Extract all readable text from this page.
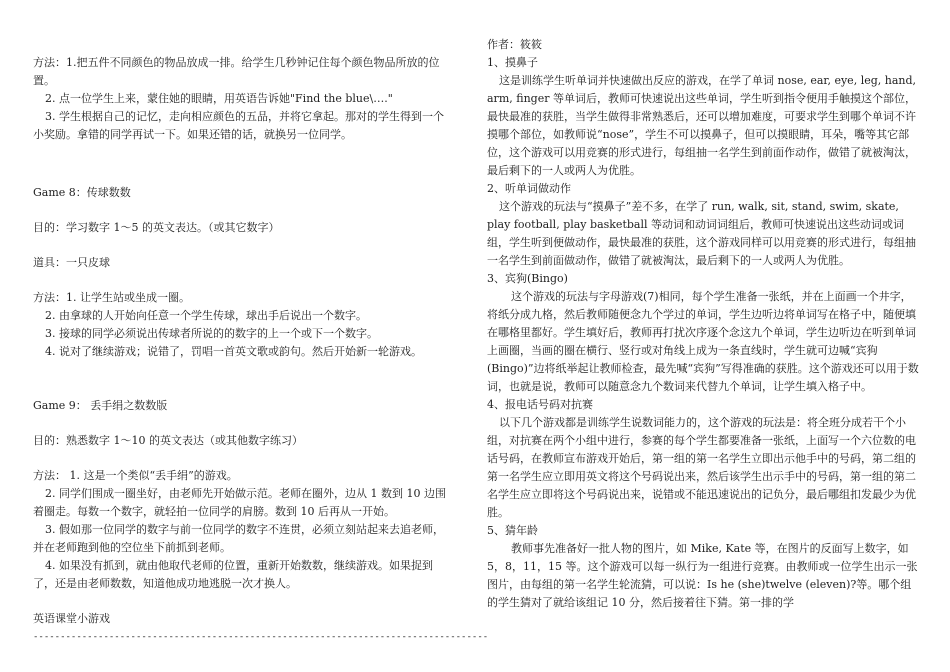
方法：1.把五件不同颜色的物品放成一排。给学生几秒钟记住每个颜色物品所放的位置。

2. 点一位学生上来，蒙住她的眼睛，用英语告诉她"Find the blue\…."

3. 学生根据自己的记忆，走向相应颜色的五品，并将它拿起。那对的学生得到一个小奖励。拿错的同学再试一下。如果还错的话，就换另一位同学。

Game 8：传球数数

目的：学习数字 1～5 的英文表达。（或其它数字）

道具：一只皮球

方法：1. 让学生站或坐成一圈。

2. 由拿球的人开始向任意一个学生传球，球出手后说出一个数字。

3. 接球的同学必须说出传球者所说的的数字的上一个或下一个数字。

4. 说对了继续游戏；说错了，罚唱一首英文歌或韵句。然后开始新一轮游戏。

Game 9： 丢手绢之数数版

目的：熟悉数字 1～10 的英文表达（或其他数字练习）

方法： 1. 这是一个类似“丢手绢”的游戏。

2. 同学们围成一圈坐好，由老师先开始做示范。老师在圈外，边从 1 数到 10 边围着圈走。每数一个数字，就轻拍一位同学的肩膀。数到 10 后再从一开始。

3. 假如那一位同学的数字与前一位同学的数字不连贯，必须立刻站起来去追老师，并在老师跑到他的空位坐下前抓到老师。

4. 如果没有抓到，就由他取代老师的位置，重新开始数数，继续游戏。如果捉到了，还是由老师数数，知道他成功地逃脱一次才换人。

英语课堂小游戏

------------------------------------------------------------------------------------

作者：筱筱

1、摸鼻子

这是训练学生听单词并快速做出反应的游戏，在学了单词 nose, ear, eye, leg, hand, arm, finger 等单词后，教师可快速说出这些单词，学生听到指令便用手触摸这个部位，最快最准的获胜，当学生做得非常熟悉后，还可以增加难度，可要求学生到哪个单词不许摸哪个部位，如教师说“nose”，学生不可以摸鼻子，但可以摸眼睛，耳朵，嘴等其它部位，这个游戏可以用竞赛的形式进行，每组抽一名学生到前面作动作，做错了就被淘汰，最后剩下的一人或两人为优胜。

2、听单词做动作

这个游戏的玩法与“摸鼻子”差不多，在学了 run, walk, sit, stand, swim, skate, play football, play basketball 等动词和动词词组后，教师可快速说出这些动词或词组，学生听到便做动作，最快最准的获胜，这个游戏同样可以用竞赛的形式进行，每组抽一名学生到前面做动作，做错了就被淘汰，最后剩下的一人或两人为优胜。

3、宾狗(Bingo)

这个游戏的玩法与字母游戏(7)相同，每个学生准备一张纸，并在上面画一个井字，将纸分成九格，然后教师随便念九个学过的单词，学生边听边将单词写在格子中，随便填在哪格里都好。学生填好后，教师再打扰次序逐个念这九个单词，学生边听边在听到单词上画圈，当画的圈在横行、竖行或对角线上成为一条直线时，学生就可边喊“宾狗(Bingo)”边将纸举起让教师检查，最先喊“宾狗”写得准确的获胜。这个游戏还可以用于数词，也就是说，教师可以随意念九个数词来代替九个单词，让学生填入格子中。

4、报电话号码对抗赛

以下几个游戏都是训练学生说数词能力的，这个游戏的玩法是：将全班分成若干个小组，对抗赛在两个小组中进行，参赛的每个学生都要准备一张纸，上面写一个六位数的电话号码，在教师宣布游戏开始后，第一组的第一名学生立即出示他手中的号码，第二组的第一名学生应立即用英文将这个号码说出来，然后该学生出示手中的号码，第一组的第二名学生应立即将这个号码说出来，说错或不能迅速说出的记负分，最后哪组扣发最少为优胜。

5、猜年龄

教师事先准备好一批人物的图片，如 Mike, Kate 等，在图片的反面写上数字，如 5，8，11，15 等。这个游戏可以每一纵行为一组进行竞赛。由教师或一位学生出示一张图片，由每组的第一名学生轮流猜，可以说：Is he (she)twelve (eleven)?等。哪个组的学生猜对了就给该组记 10 分，然后接着往下猜。第一排的学
